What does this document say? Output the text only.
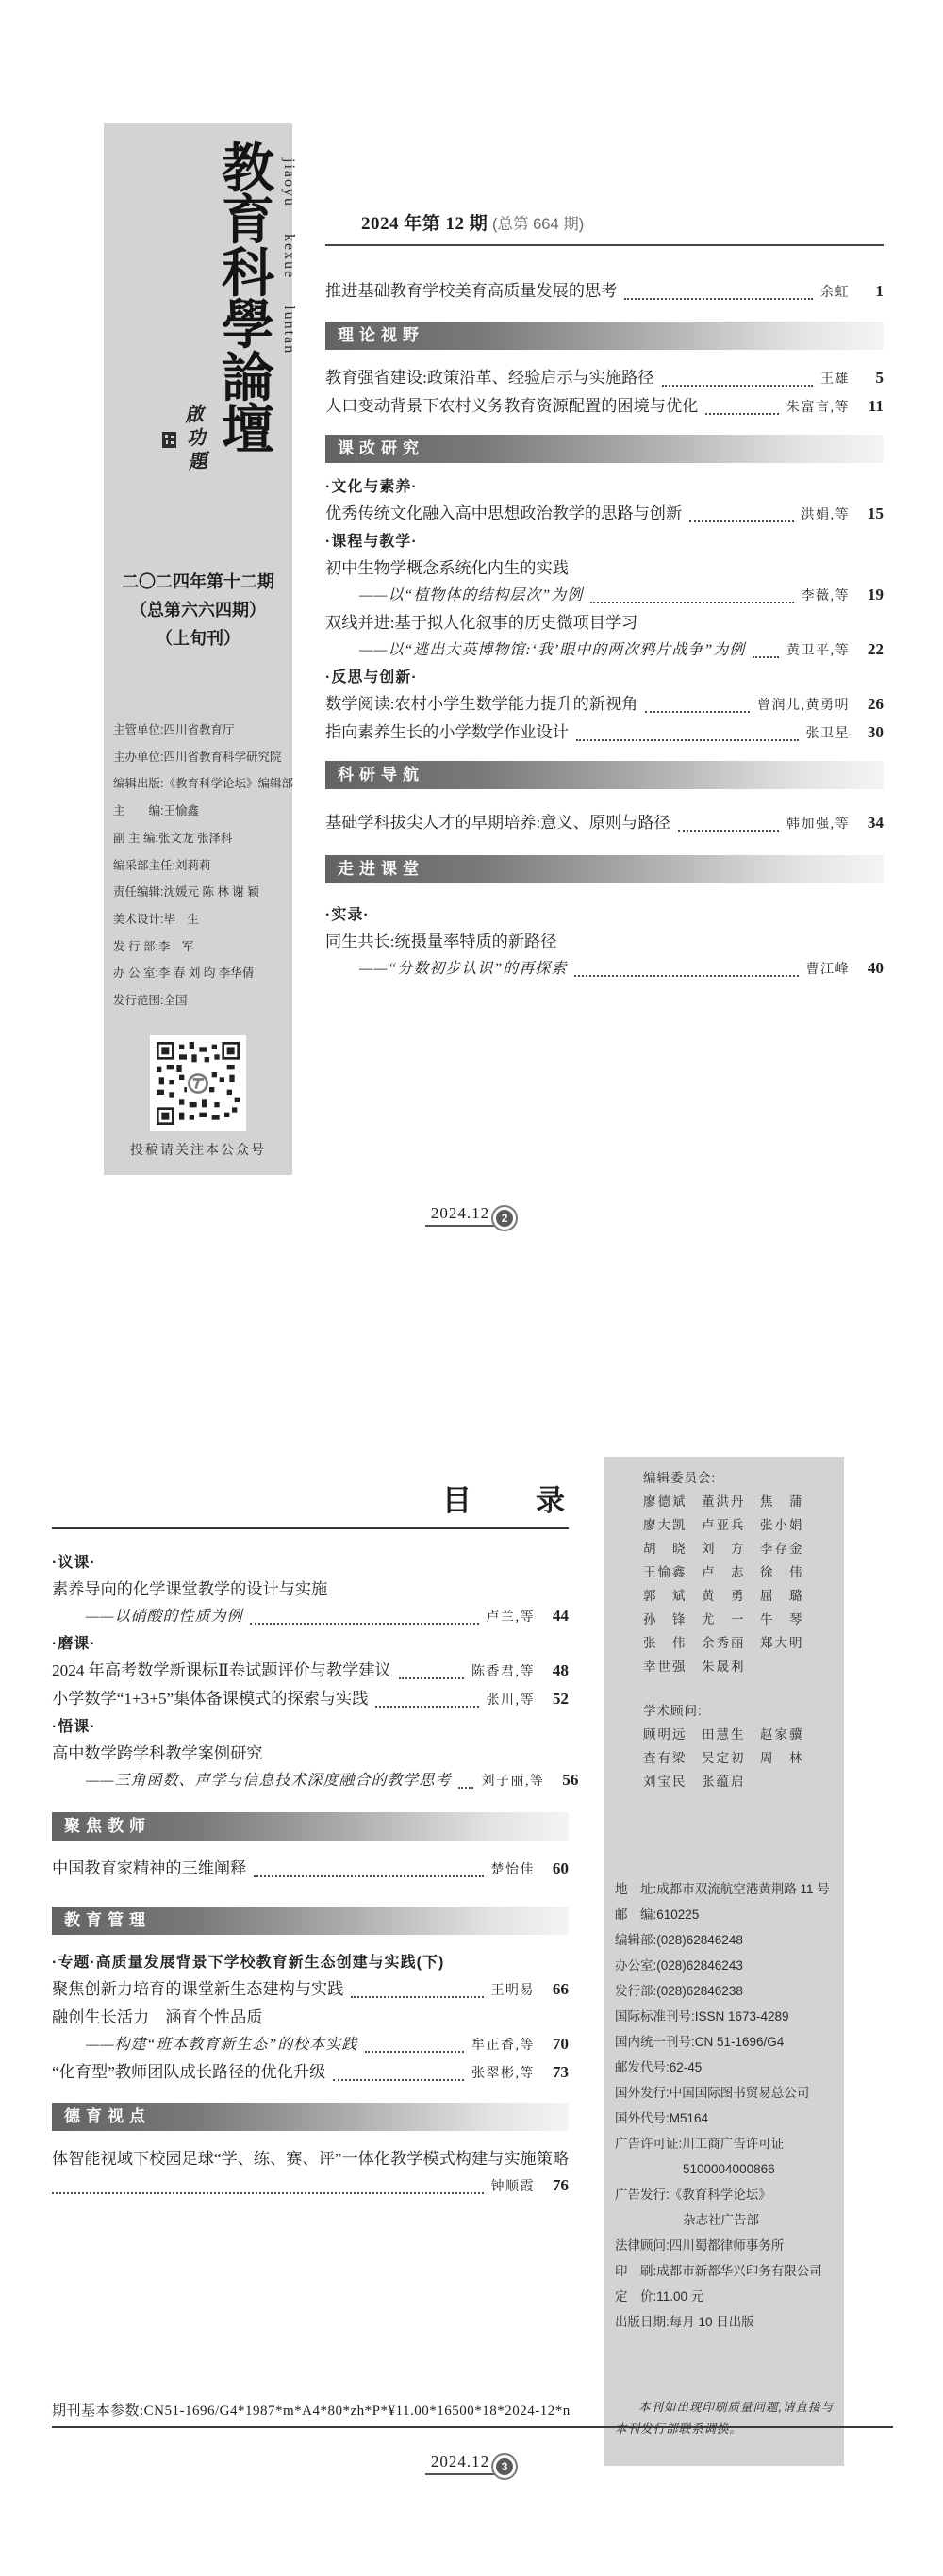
教
育
科
學
論
壇
jiaoyu kexue luntan
啟
功
題
二〇二四年第十二期
（总第六六四期）
（上旬刊）
主管单位:四川省教育厅
主办单位:四川省教育科学研究院
编辑出版:《教育科学论坛》编辑部
主　　编:王愉鑫
副 主 编:张文龙 张泽科
编采部主任:刘莉莉
责任编辑:沈媛元 陈 林 谢 颖
美术设计:毕　生
发 行 部:李　军
办 公 室:李 春 刘 昀 李华倩
发行范围:全国
投稿请关注本公众号
2024 年第 12 期 (总第 664 期)
推进基础教育学校美育高质量发展的思考	余虹	1
理论视野
教育强省建设:政策沿革、经验启示与实施路径	王雄	5
人口变动背景下农村义务教育资源配置的困境与优化	朱富言,等	11
课改研究
·文化与素养·
优秀传统文化融入高中思想政治教学的思路与创新	洪娟,等	15
·课程与教学·
初中生物学概念系统化内生的实践
——以“植物体的结构层次”为例	李薇,等	19
双线并进:基于拟人化叙事的历史微项目学习
——以“逃出大英博物馆:‘我’眼中的两次鸦片战争”为例	黄卫平,等	22
·反思与创新·
数学阅读:农村小学生数学能力提升的新视角	曾润儿,黄勇明	26
指向素养生长的小学数学作业设计	张卫星	30
科研导航
基础学科拔尖人才的早期培养:意义、原则与路径	韩加强,等	34
走进课堂
·实录·
同生共长:统摄量率特质的新路径
——“分数初步认识”的再探索	曹江峰	40
2024.12	2
目　　录
·议课·
素养导向的化学课堂教学的设计与实施
——以硝酸的性质为例	卢兰,等	44
·磨课·
2024 年高考数学新课标Ⅱ卷试题评价与教学建议	陈香君,等	48
小学数学“1+3+5”集体备课模式的探索与实践	张川,等	52
·悟课·
高中数学跨学科教学案例研究
——三角函数、声学与信息技术深度融合的教学思考 刘子丽,等	56
聚焦教师
中国教育家精神的三维阐释	楚怡佳	60
教育管理
·专题·高质量发展背景下学校教育新生态创建与实践(下)
聚焦创新力培育的课堂新生态建构与实践	王明易	66
融创生长活力　涵育个性品质
——构建“班本教育新生态”的校本实践	牟正香,等	70
“化育型”教师团队成长路径的优化升级	张翠彬,等	73
德育视点
体智能视域下校园足球“学、练、赛、评”一体化教学模式构建与实施策略
钟顺霞	76
编辑委员会:
廖德斌　董洪丹　焦　蒲
廖大凯　卢亚兵　张小娟
胡　晓　刘　方　李存金
王愉鑫　卢　志　徐　伟
郭　斌　黄　勇　屈　璐
孙　锋　尤　一　牛　琴
张　伟　余秀丽　郑大明
幸世强　朱晟利
学术顾问:
顾明远　田慧生　赵家骥
查有梁　吴定初　周　林
刘宝民　张蕴启
地　址:成都市双流航空港黄荆路 11 号
邮　编:610225
编辑部:(028)62846248
办公室:(028)62846243
发行部:(028)62846238
国际标准刊号:ISSN 1673-4289
国内统一刊号:CN 51-1696/G4
邮发代号:62-45
国外发行:中国国际图书贸易总公司
国外代号:M5164
广告许可证:川工商广告许可证
5100004000866
广告发行:《教育科学论坛》
杂志社广告部
法律顾问:四川蜀都律师事务所
印　刷:成都市新都华兴印务有限公司
定　价:11.00 元
出版日期:每月 10 日出版
本刊如出现印刷质量问题,请直接与本刊发行部联系调换。
期刊基本参数:CN51-1696/G4*1987*m*A4*80*zh*P*¥11.00*16500*18*2024-12*n
2024.12	3
